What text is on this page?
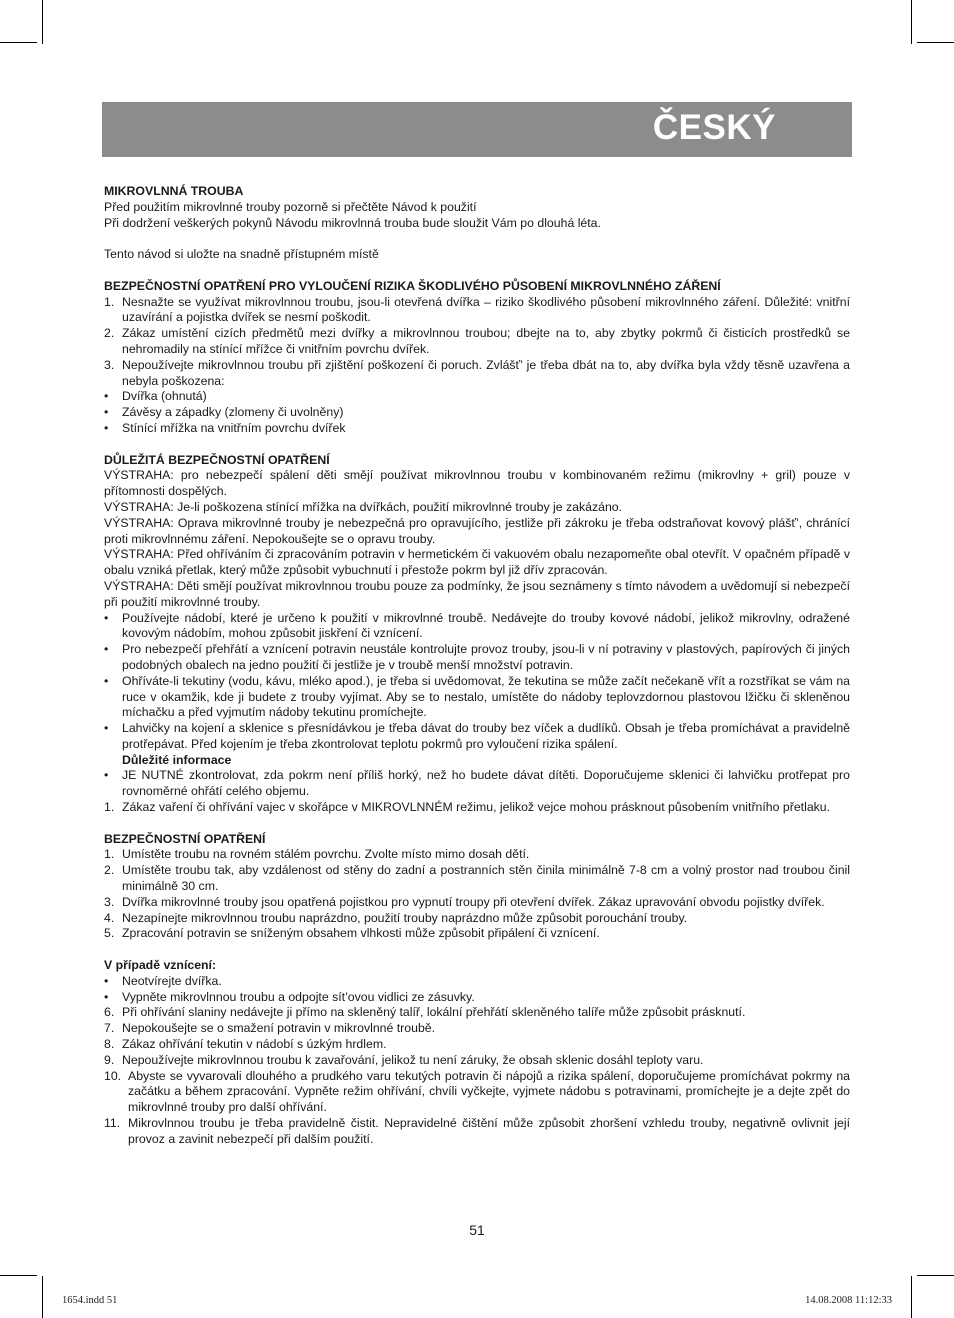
ČESKÝ

MIKROVLNNÁ TROUBA

Před použitím mikrovlnné trouby pozorně si přečtěte Návod k použití

Při dodržení veškerých pokynů Návodu mikrovlnná trouba bude sloužit Vám po dlouhá léta.

Tento návod si uložte na snadně přístupném místě

BEZPEČNOSTNÍ OPATŘENÍ PRO VYLOUČENÍ RIZIKA ŠKODLIVÉHO PŮSOBENÍ MIKROVLNNÉHO ZÁŘENÍ

1. Nesnažte se využívat mikrovlnnou troubu, jsou-li otevřená dvířka – riziko škodlivého působení mikrovlnného záření. Důležité: vnitřní uzavírání a pojistka dvířek se nesmí poškodit.
2. Zákaz umístění cizích předmětů mezi dvířky a mikrovlnnou troubou; dbejte na to, aby zbytky pokrmů či čisticích prostředků se nehromadily na stínící mřížce či vnitřním povrchu dvířek.
3. Nepoužívejte mikrovlnnou troubu při zjištění poškození či poruch. Zvlášť’ je třeba dbát na to, aby dvířka byla vždy těsně uzavřena a nebyla poškozena:
• Dvířka (ohnutá)
• Závěsy a západky (zlomeny či uvolněny)
• Stínící mřížka na vnitřním povrchu dvířek

DŮLEŽITÁ BEZPEČNOSTNÍ OPATŘENÍ

VÝSTRAHA: pro nebezpečí spálení děti smějí používat mikrovlnnou troubu v kombinovaném režimu (mikrovlny + gril) pouze v přítomnosti dospělých.

VÝSTRAHA: Je-li poškozena stínící mřížka na dvířkách, použití mikrovlnné trouby je zakázáno.

VÝSTRAHA: Oprava mikrovlnné trouby je nebezpečná pro opravujícího, jestliže při zákroku je třeba odstraňovat kovový plášť’, chránící proti mikrovlnnému záření. Nepokoušejte se o opravu trouby.

VÝSTRAHA: Před ohříváním či zpracováním potravin v hermetickém či vakuovém obalu nezapomeňte obal otevřít. V opačném případě v obalu vzniká přetlak, který může způsobit vybuchnutí i přestože pokrm byl již dřív zpracován.

VÝSTRAHA: Děti smějí používat mikrovlnnou troubu pouze za podmínky, že jsou seznámeny s tímto návodem a uvědomují si nebezpečí při použití mikrovlnné trouby.

• Používejte nádobí, které je určeno k použití v mikrovlnné troubě. Nedávejte do trouby kovové nádobí, jelikož mikrovlny, odražené kovovým nádobím, mohou způsobit jiskření či vznícení.
• Pro nebezpečí přehřátí a vznícení potravin neustále kontrolujte provoz trouby, jsou-li v ní potraviny v plastových, papírových či jiných podobných obalech na jedno použití či jestliže je v troubě menší množství potravin.
• Ohříváte-li tekutiny (vodu, kávu, mléko apod.), je třeba si uvědomovat, že tekutina se může začít nečekaně vřít a rozstříkat se vám na ruce v okamžik, kde ji budete z trouby vyjímat. Aby se to nestalo, umístěte do nádoby teplovzdornou plastovou lžičku či skleněnou míchačku a před vyjmutím nádoby tekutinu promíchejte.
• Lahvičky na kojení a sklenice s přesnídávkou je třeba dávat do trouby bez víček a dudlíků. Obsah je třeba promíchávat a pravidelně protřepávat. Před kojením je třeba zkontrolovat teplotu pokrmů pro vyloučení rizika spálení.

Důležité informace

• JE NUTNÉ zkontrolovat, zda pokrm není příliš horký, než ho budete dávat dítěti. Doporučujeme sklenici či lahvičku protřepat pro rovnoměrné ohřátí celého objemu.
1. Zákaz vaření či ohřívání vajec v skořápce v MIKROVLNNÉM režimu, jelikož vejce mohou prásknout působením vnitřního přetlaku.

BEZPEČNOSTNÍ OPATŘENÍ

1. Umístěte troubu na rovném stálém povrchu. Zvolte místo mimo dosah dětí.
2. Umístěte troubu tak, aby vzdálenost od stěny do zadní a postranních stěn činila minimálně 7-8 cm a volný prostor nad troubou činil minimálně 30 cm.
3. Dvířka mikrovlnné trouby jsou opatřená pojistkou pro vypnutí troupy při otevření dvířek. Zákaz upravování obvodu pojistky dvířek.
4. Nezapínejte mikrovlnnou troubu naprázdno, použití trouby naprázdno může způsobit porouchání trouby.
5. Zpracování potravin se sníženým obsahem vlhkosti může způsobit připálení či vznícení.

V případě vznícení:

• Neotvírejte dvířka.
• Vypněte mikrovlnnou troubu a odpojte sít’ovou vidlici ze zásuvky.
6. Při ohřívání slaniny nedávejte ji přímo na skleněný talíř, lokální přehřátí skleněného talíře může způsobit prásknutí.
7. Nepokoušejte se o smažení potravin v mikrovlnné troubě.
8. Zákaz ohřívání tekutin v nádobí s úzkým hrdlem.
9. Nepoužívejte mikrovlnnou troubu k zavařování, jelikož tu není záruky, že obsah sklenic dosáhl teploty varu.
10. Abyste se vyvarovali dlouhého a prudkého varu tekutých potravin či nápojů a rizika spálení, doporučujeme promíchávat pokrmy na začátku a během zpracování. Vypněte režim ohřívání, chvíli vyčkejte, vyjmete nádobu s potravinami, promíchejte je a dejte zpět do mikrovlnné trouby pro další ohřívání.
11. Mikrovlnnou troubu je třeba pravidelně čistit. Nepravidelné čištění může způsobit zhoršení vzhledu trouby, negativně ovlivnit její provoz a zavinit nebezpečí při dalším použití.
51
1654.indd 51	14.08.2008 11:12:33
